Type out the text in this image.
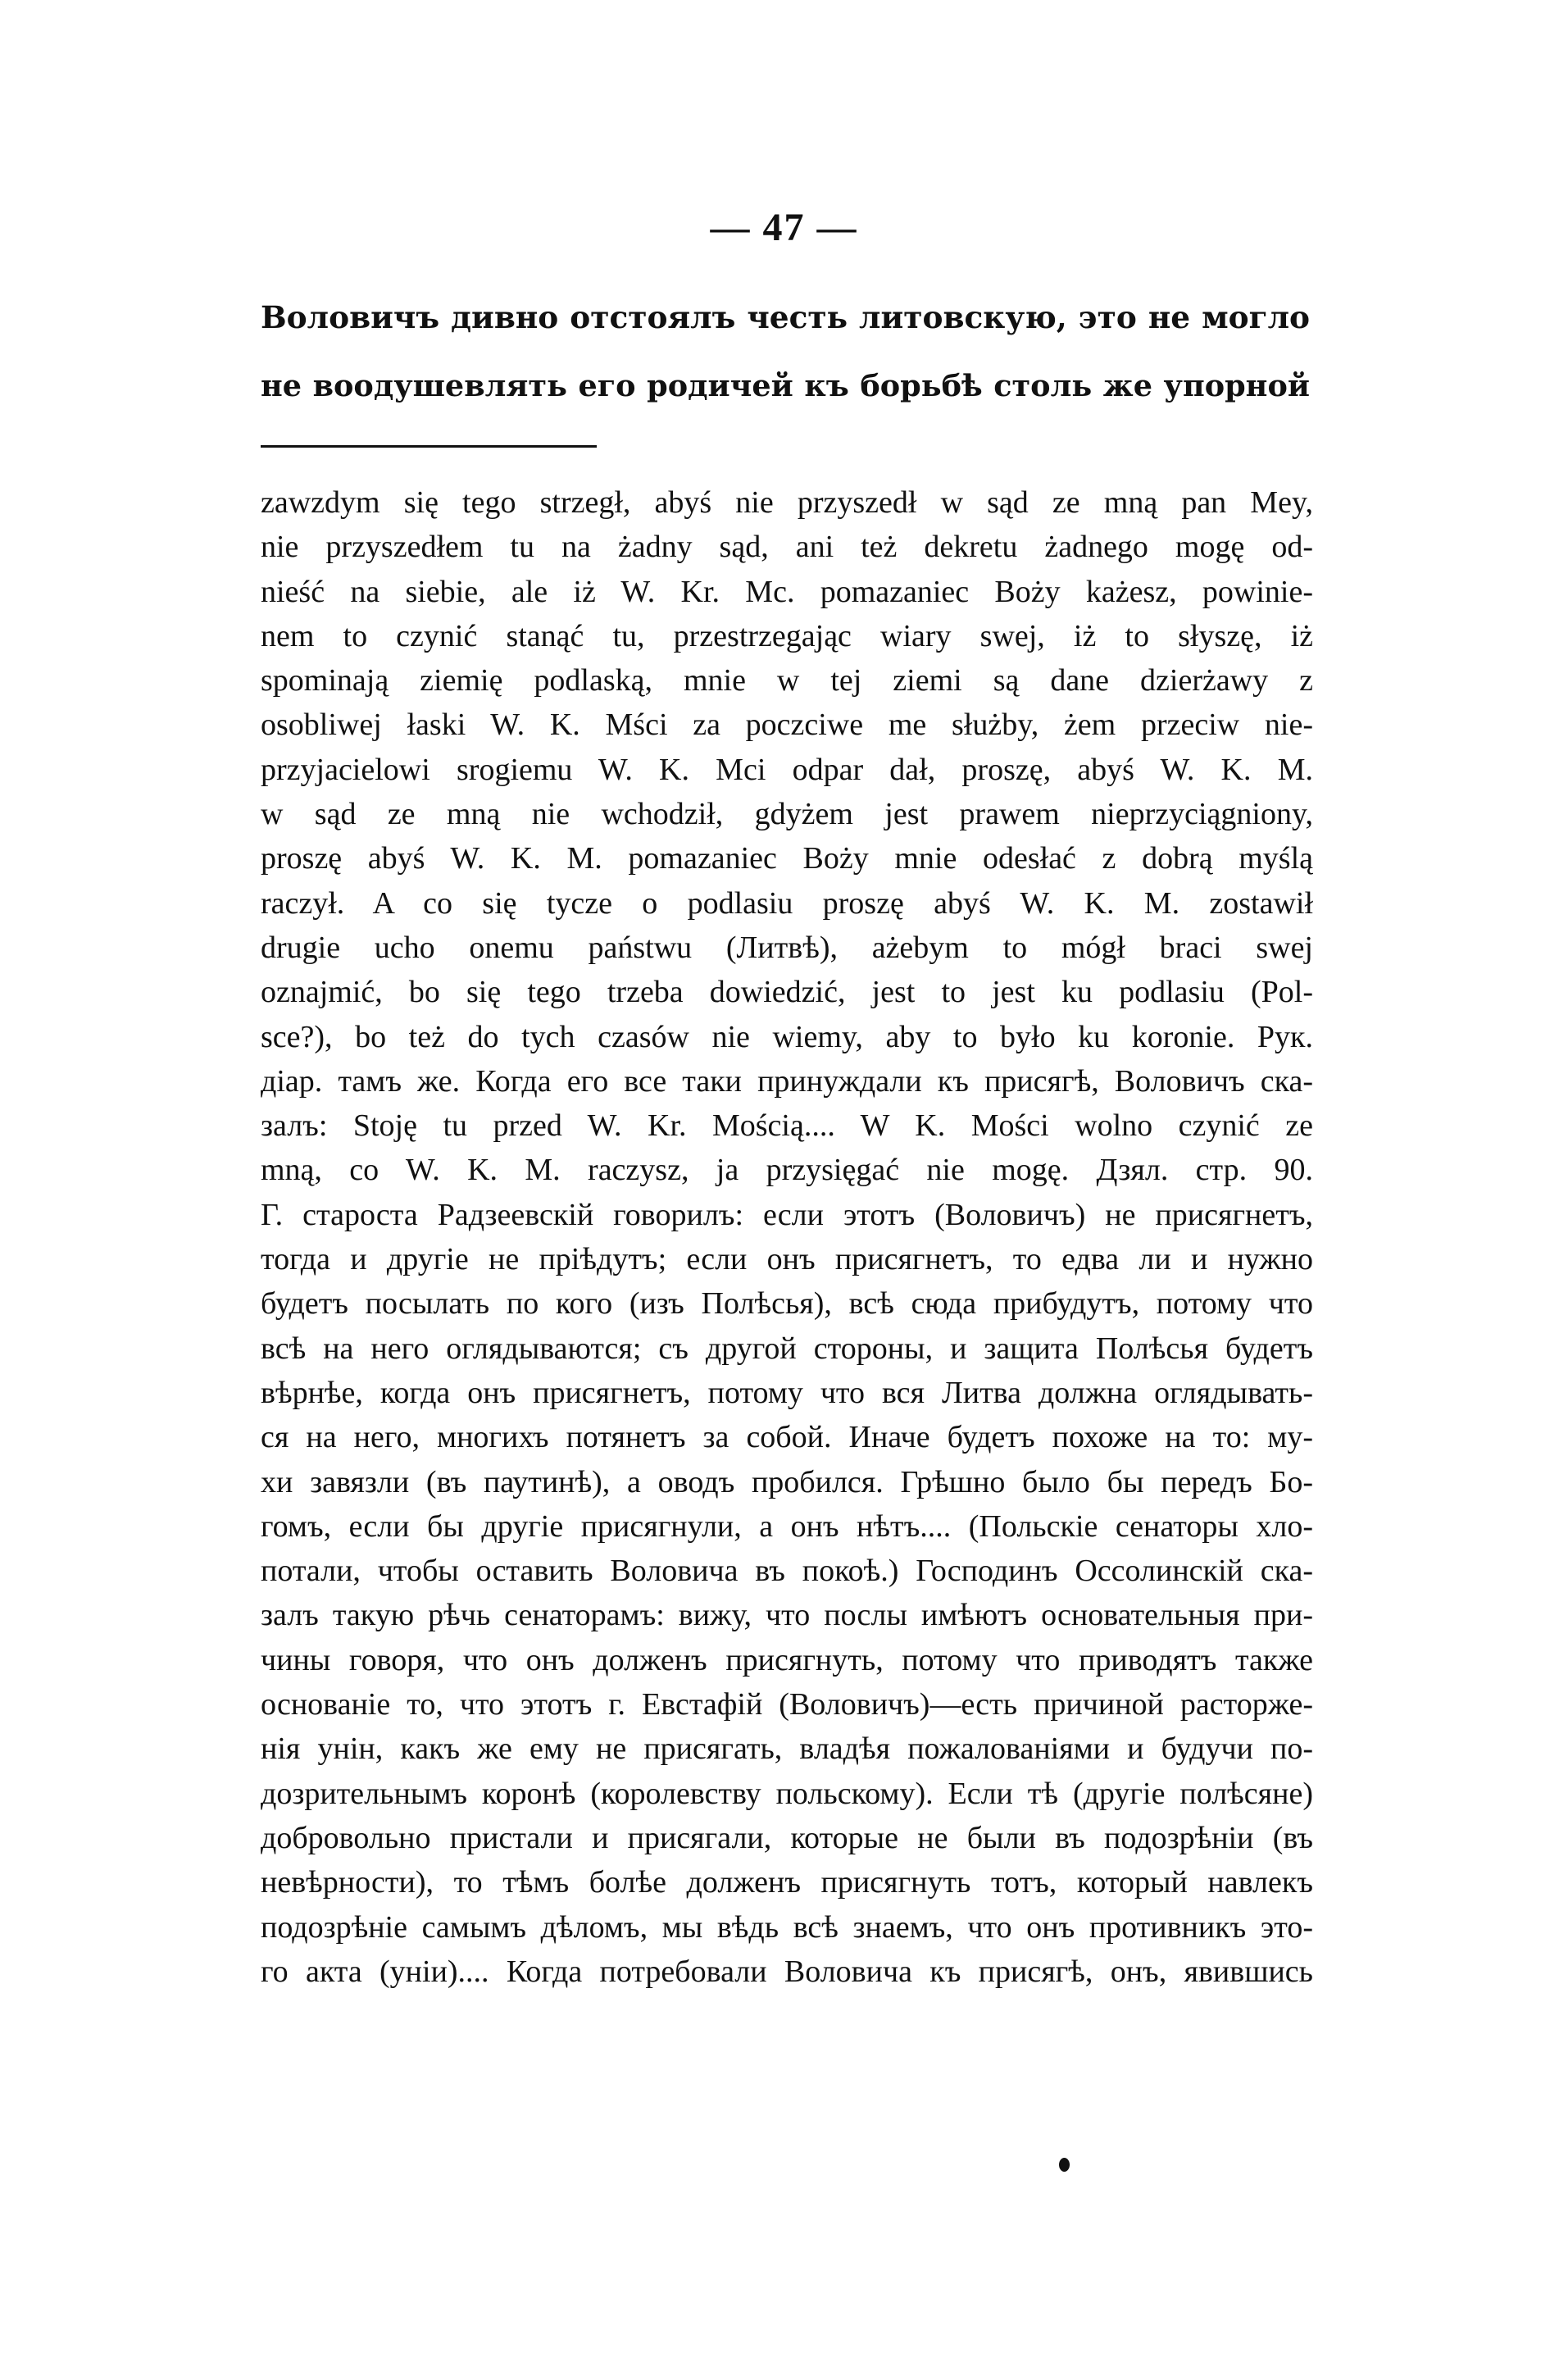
— 47 —
Воловичъ дивно отстоялъ честь литовскую, это не могло
не воодушевлять его родичей къ борьбѣ столь же упорной
zawzdym się tego strzegł, abyś nie przyszedł w sąd ze mną pan Mey,
nie przyszedłem tu na żadny sąd, ani też dekretu żadnego mogę od-
nieść na siebie, ale iż W. Kr. Mc. pomazaniec Boży każesz, powinie-
nem to czynić stanąć tu, przestrzegając wiary swej, iż to słyszę, iż
spominają ziemię podlaską, mnie w tej ziemi są dane dzierżawy z
osobliwej łaski W. K. Mści za poczciwe me służby, żem przeciw nie-
przyjacielowi srogiemu W. K. Mci odpar dał, proszę, abyś W. K. M.
w sąd ze mną nie wchodził, gdyżem jest prawem nieprzyciągniony,
proszę abyś W. K. M. pomazaniec Boży mnie odesłać z dobrą myślą
raczył. A co się tycze o podlasiu proszę abyś W. K. M. zostawił
drugie ucho onemu państwu (Литвѣ), ażebym to mógł braci swej
oznajmić, bo się tego trzeba dowiedzić, jest to jest ku podlasiu (Pol-
sce?), bo też do tych czasów nie wiemy, aby to było ku koronie. Рук.
діар. тамъ же. Когда его все таки принуждали къ присягѣ, Воловичъ ска-
залъ: Stoję tu przed W. Kr. Mością.... W K. Mości wolno czynić ze
mną, co W. K. M. raczysz, ja przysięgać nie mogę. Дзял. стр. 90.
Г. староста Радзеевскій говорилъ: если этотъ (Воловичъ) не присягнетъ,
тогда и другіе не пріѣдутъ; если онъ присягнетъ, то едва ли и нужно
будетъ посылать по кого (изъ Полѣсья), всѣ сюда прибудутъ, потому что
всѣ на него оглядываются; съ другой стороны, и защита Полѣсья будетъ
вѣрнѣе, когда онъ присягнетъ, потому что вся Литва должна оглядывать-
ся на него, многихъ потянетъ за собой. Иначе будетъ похоже на то: му-
хи завязли (въ паутинѣ), а оводъ пробился. Грѣшно было бы передъ Бо-
гомъ, если бы другіе присягнули, а онъ нѣтъ.... (Польскіе сенаторы хло-
потали, чтобы оставить Воловича въ покоѣ.) Господинъ Оссолинскій ска-
залъ такую рѣчь сенаторамъ: вижу, что послы имѣютъ основательныя при-
чины говоря, что онъ долженъ присягнуть, потому что приводятъ также
основаніе то, что этотъ г. Евстафій (Воловичъ)—есть причиной расторже-
нія унін, какъ же ему не присягать, владѣя пожалованіями и будучи по-
дозрительнымъ коронѣ (королевству польскому). Если тѣ (другіе полѣсяне)
добровольно пристали и присягали, которые не были въ подозрѣніи (въ
невѣрности), то тѣмъ болѣе долженъ присягнуть тотъ, который навлекъ
подозрѣніе самымъ дѣломъ, мы вѣдь всѣ знаемъ, что онъ противникъ это-
го акта (уніи).... Когда потребовали Воловича къ присягѣ, онъ, явившись
